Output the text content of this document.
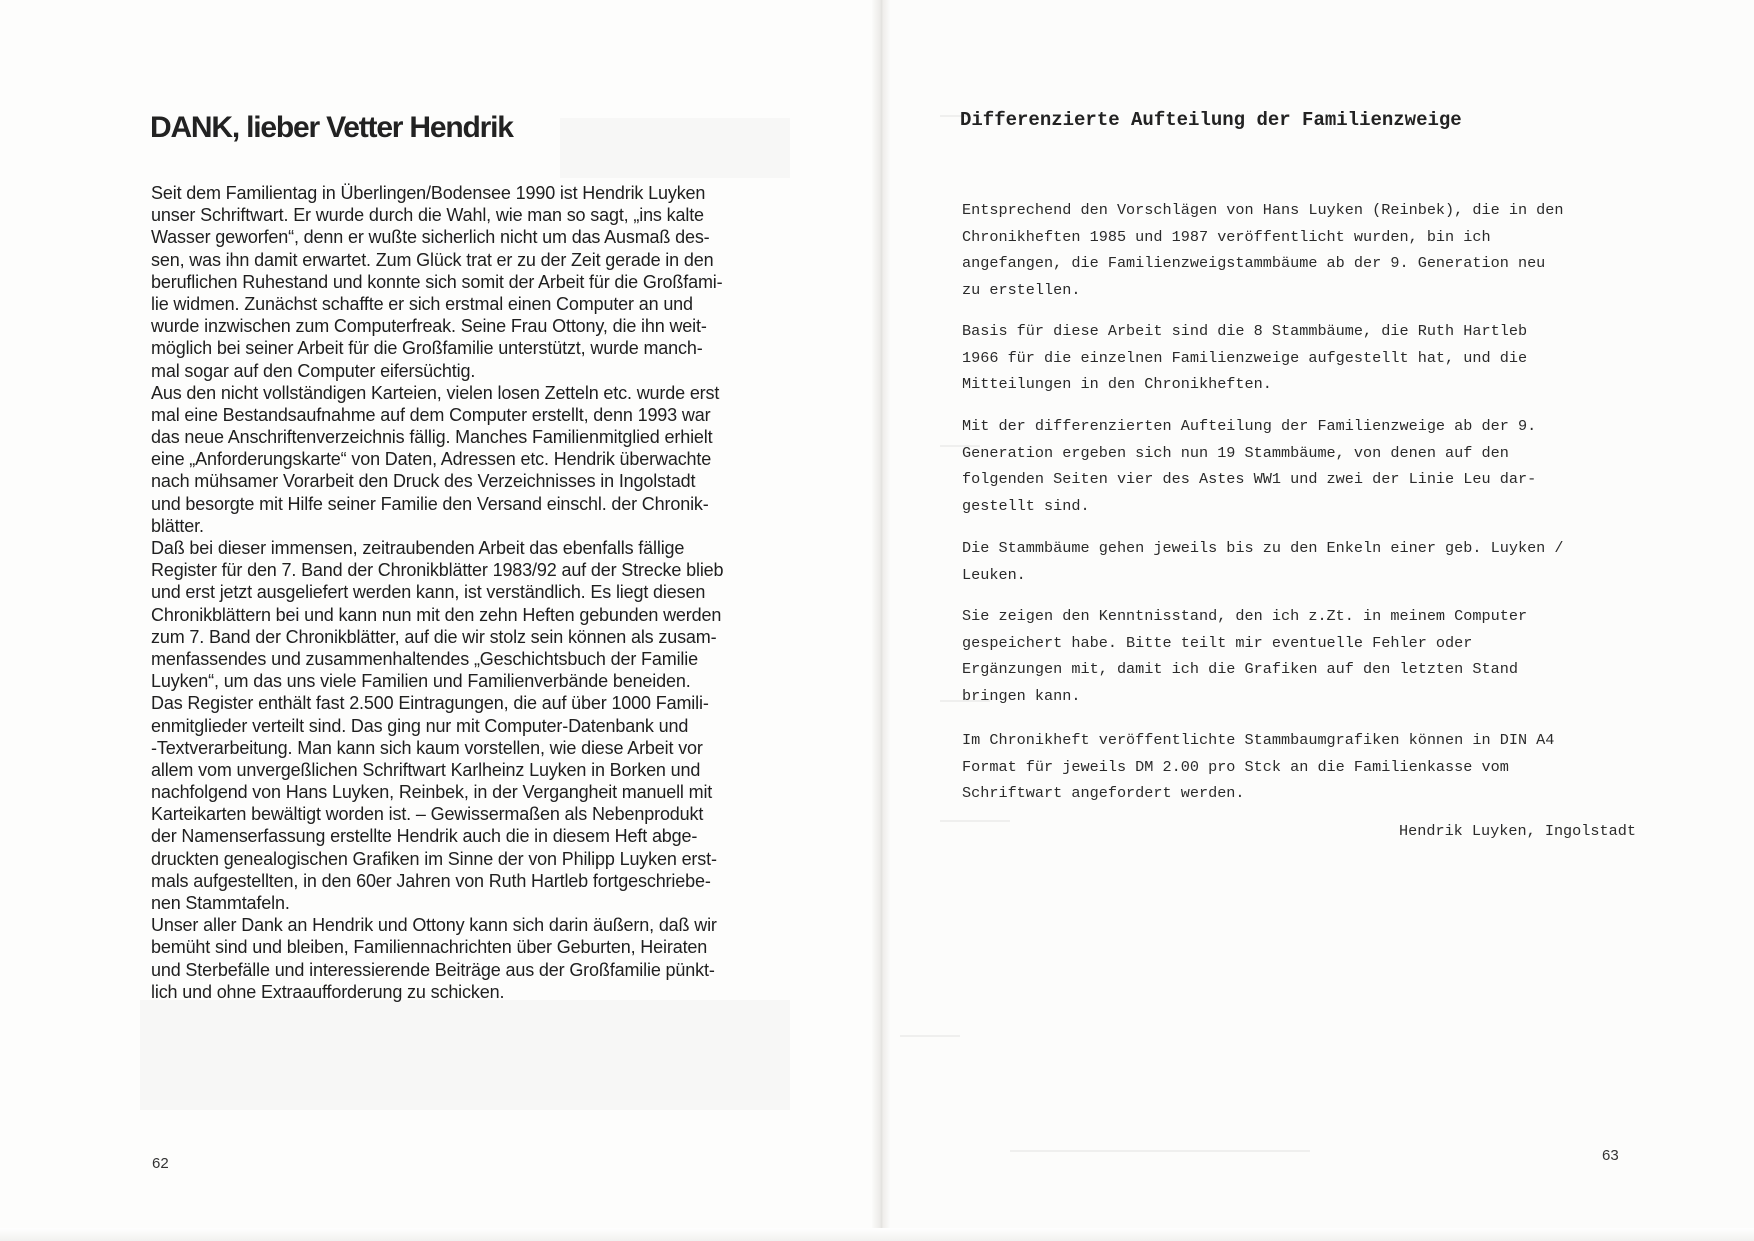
DANK, lieber Vetter Hendrik
Seit dem Familientag in Überlingen/Bodensee 1990 ist Hendrik Luyken
unser Schriftwart. Er wurde durch die Wahl, wie man so sagt, „ins kalte
Wasser geworfen“, denn er wußte sicherlich nicht um das Ausmaß des-
sen, was ihn damit erwartet. Zum Glück trat er zu der Zeit gerade in den
beruflichen Ruhestand und konnte sich somit der Arbeit für die Großfami-
lie widmen. Zunächst schaffte er sich erstmal einen Computer an und
wurde inzwischen zum Computerfreak. Seine Frau Ottony, die ihn weit-
möglich bei seiner Arbeit für die Großfamilie unterstützt, wurde manch-
mal sogar auf den Computer eifersüchtig.
Aus den nicht vollständigen Karteien, vielen losen Zetteln etc. wurde erst
mal eine Bestandsaufnahme auf dem Computer erstellt, denn 1993 war
das neue Anschriftenverzeichnis fällig. Manches Familienmitglied erhielt
eine „Anforderungskarte“ von Daten, Adressen etc. Hendrik überwachte
nach mühsamer Vorarbeit den Druck des Verzeichnisses in Ingolstadt
und besorgte mit Hilfe seiner Familie den Versand einschl. der Chronik-
blätter.
Daß bei dieser immensen, zeitraubenden Arbeit das ebenfalls fällige
Register für den 7. Band der Chronikblätter 1983/92 auf der Strecke blieb
und erst jetzt ausgeliefert werden kann, ist verständlich. Es liegt diesen
Chronikblättern bei und kann nun mit den zehn Heften gebunden werden
zum 7. Band der Chronikblätter, auf die wir stolz sein können als zusam-
menfassendes und zusammenhaltendes „Geschichtsbuch der Familie
Luyken“, um das uns viele Familien und Familienverbände beneiden.
Das Register enthält fast 2.500 Eintragungen, die auf über 1000 Famili-
enmitglieder verteilt sind. Das ging nur mit Computer-Datenbank und
-Textverarbeitung. Man kann sich kaum vorstellen, wie diese Arbeit vor
allem vom unvergeßlichen Schriftwart Karlheinz Luyken in Borken und
nachfolgend von Hans Luyken, Reinbek, in der Vergangheit manuell mit
Karteikarten bewältigt worden ist. – Gewissermaßen als Nebenprodukt
der Namenserfassung erstellte Hendrik auch die in diesem Heft abge-
druckten genealogischen Grafiken im Sinne der von Philipp Luyken erst-
mals aufgestellten, in den 60er Jahren von Ruth Hartleb fortgeschriebe-
nen Stammtafeln.
Unser aller Dank an Hendrik und Ottony kann sich darin äußern, daß wir
bemüht sind und bleiben, Familiennachrichten über Geburten, Heiraten
und Sterbefälle und interessierende Beiträge aus der Großfamilie pünkt-
lich und ohne Extraaufforderung zu schicken.
62
Differenzierte Aufteilung der Familienzweige
Entsprechend den Vorschlägen von Hans Luyken (Reinbek), die in den
Chronikheften 1985 und 1987 veröffentlicht wurden, bin ich
angefangen, die Familienzweigstammbäume ab der 9. Generation neu
zu erstellen.
Basis für diese Arbeit sind die 8 Stammbäume, die Ruth Hartleb
1966 für die einzelnen Familienzweige aufgestellt hat, und die
Mitteilungen in den Chronikheften.
Mit der differenzierten Aufteilung der Familienzweige ab der 9.
Generation ergeben sich nun 19 Stammbäume, von denen auf den
folgenden Seiten vier des Astes WW1 und zwei der Linie Leu dar-
gestellt sind.
Die Stammbäume gehen jeweils bis zu den Enkeln einer geb. Luyken /
Leuken.
Sie zeigen den Kenntnisstand, den ich z.Zt. in meinem Computer
gespeichert habe. Bitte teilt mir eventuelle Fehler oder
Ergänzungen mit, damit ich die Grafiken auf den letzten Stand
bringen kann.
Im Chronikheft veröffentlichte Stammbaumgrafiken können in DIN A4
Format für jeweils DM 2.00 pro Stck an die Familienkasse vom
Schriftwart angefordert werden.
Hendrik Luyken, Ingolstadt
63
